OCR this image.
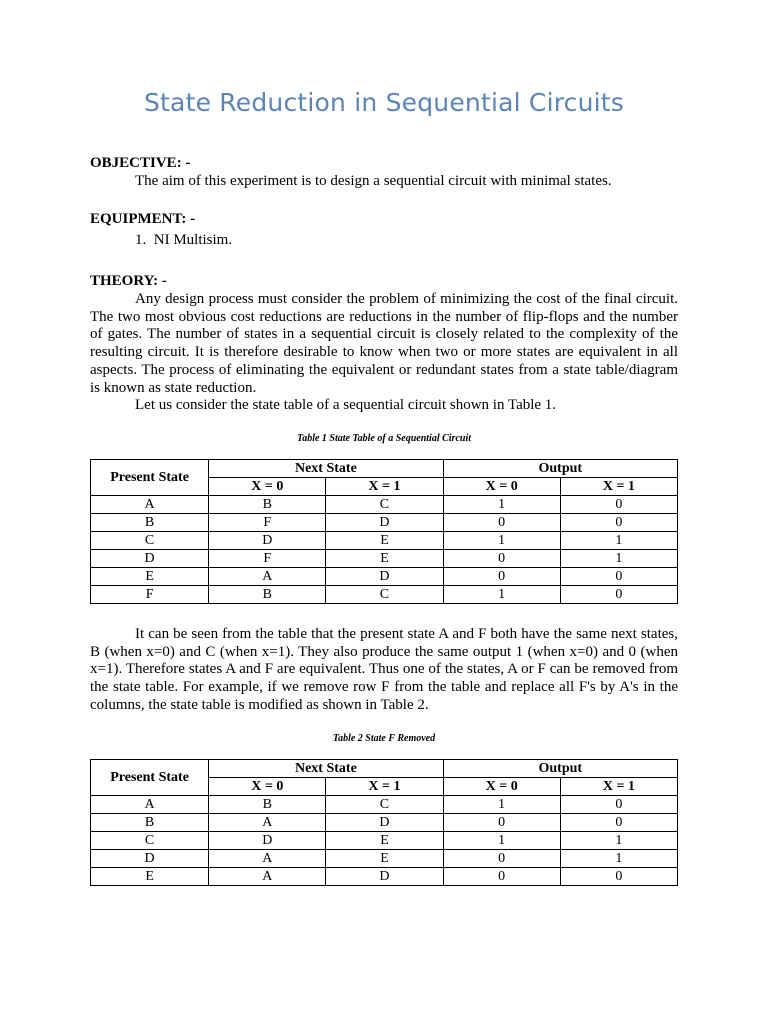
State Reduction in Sequential Circuits
OBJECTIVE: -
The aim of this experiment is to design a sequential circuit with minimal states.
EQUIPMENT: -
1.  NI Multisim.
THEORY: -
Any design process must consider the problem of minimizing the cost of the final circuit. The two most obvious cost reductions are reductions in the number of flip-flops and the number of gates. The number of states in a sequential circuit is closely related to the complexity of the resulting circuit. It is therefore desirable to know when two or more states are equivalent in all aspects. The process of eliminating the equivalent or redundant states from a state table/diagram is known as state reduction.
Let us consider the state table of a sequential circuit shown in Table 1.
Table 1 State Table of a Sequential Circuit
Present State	Next State		Output	
	X = 0	X = 1	X = 0	X = 1
A	B	C	1	0
B	F	D	0	0
C	D	E	1	1
D	F	E	0	1
E	A	D	0	0
F	B	C	1	0
It can be seen from the table that the present state A and F both have the same next states, B (when x=0) and C (when x=1). They also produce the same output 1 (when x=0) and 0 (when x=1). Therefore states A and F are equivalent. Thus one of the states, A or F can be removed from the state table. For example, if we remove row F from the table and replace all F's by A's in the columns, the state table is modified as shown in Table 2.
Table 2 State F Removed
Present State	Next State		Output	
	X = 0	X = 1	X = 0	X = 1
A	B	C	1	0
B	A	D	0	0
C	D	E	1	1
D	A	E	0	1
E	A	D	0	0
